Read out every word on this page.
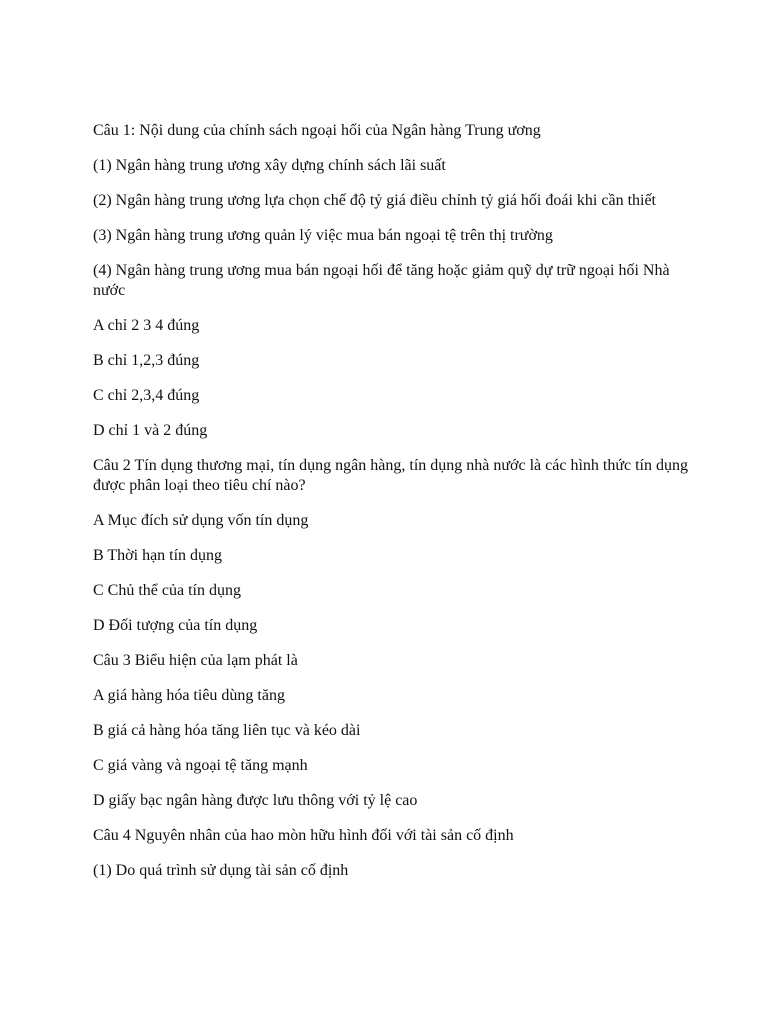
Câu 1: Nội dung của chính sách ngoại hối của Ngân hàng Trung ương

(1) Ngân hàng trung ương xây dựng chính sách lãi suất

(2) Ngân hàng trung ương lựa chọn chế độ tỷ giá điều chỉnh tỷ giá hối đoái khi cần thiết

(3) Ngân hàng trung ương quản lý việc mua bán ngoại tệ trên thị trường

(4) Ngân hàng trung ương mua bán ngoại hối để tăng hoặc giảm quỹ dự trữ ngoại hối Nhà nước

A chỉ 2 3 4 đúng

B chỉ 1,2,3 đúng

C chỉ 2,3,4 đúng

D chỉ 1 và 2 đúng

Câu 2 Tín dụng thương mại, tín dụng ngân hàng, tín dụng nhà nước là các hình thức tín dụng được phân loại theo tiêu chí nào?

A Mục đích sử dụng vốn tín dụng

B Thời hạn tín dụng

C Chủ thể của tín dụng

D Đối tượng của tín dụng

Câu 3 Biểu hiện của lạm phát là

A giá hàng hóa tiêu dùng tăng

B giá cả hàng hóa tăng liên tục và kéo dài

C giá vàng và ngoại tệ tăng mạnh

D giấy bạc ngân hàng được lưu thông với tỷ lệ cao

Câu 4 Nguyên nhân của hao mòn hữu hình đối với tài sản cố định

(1) Do quá trình sử dụng tài sản cố định
